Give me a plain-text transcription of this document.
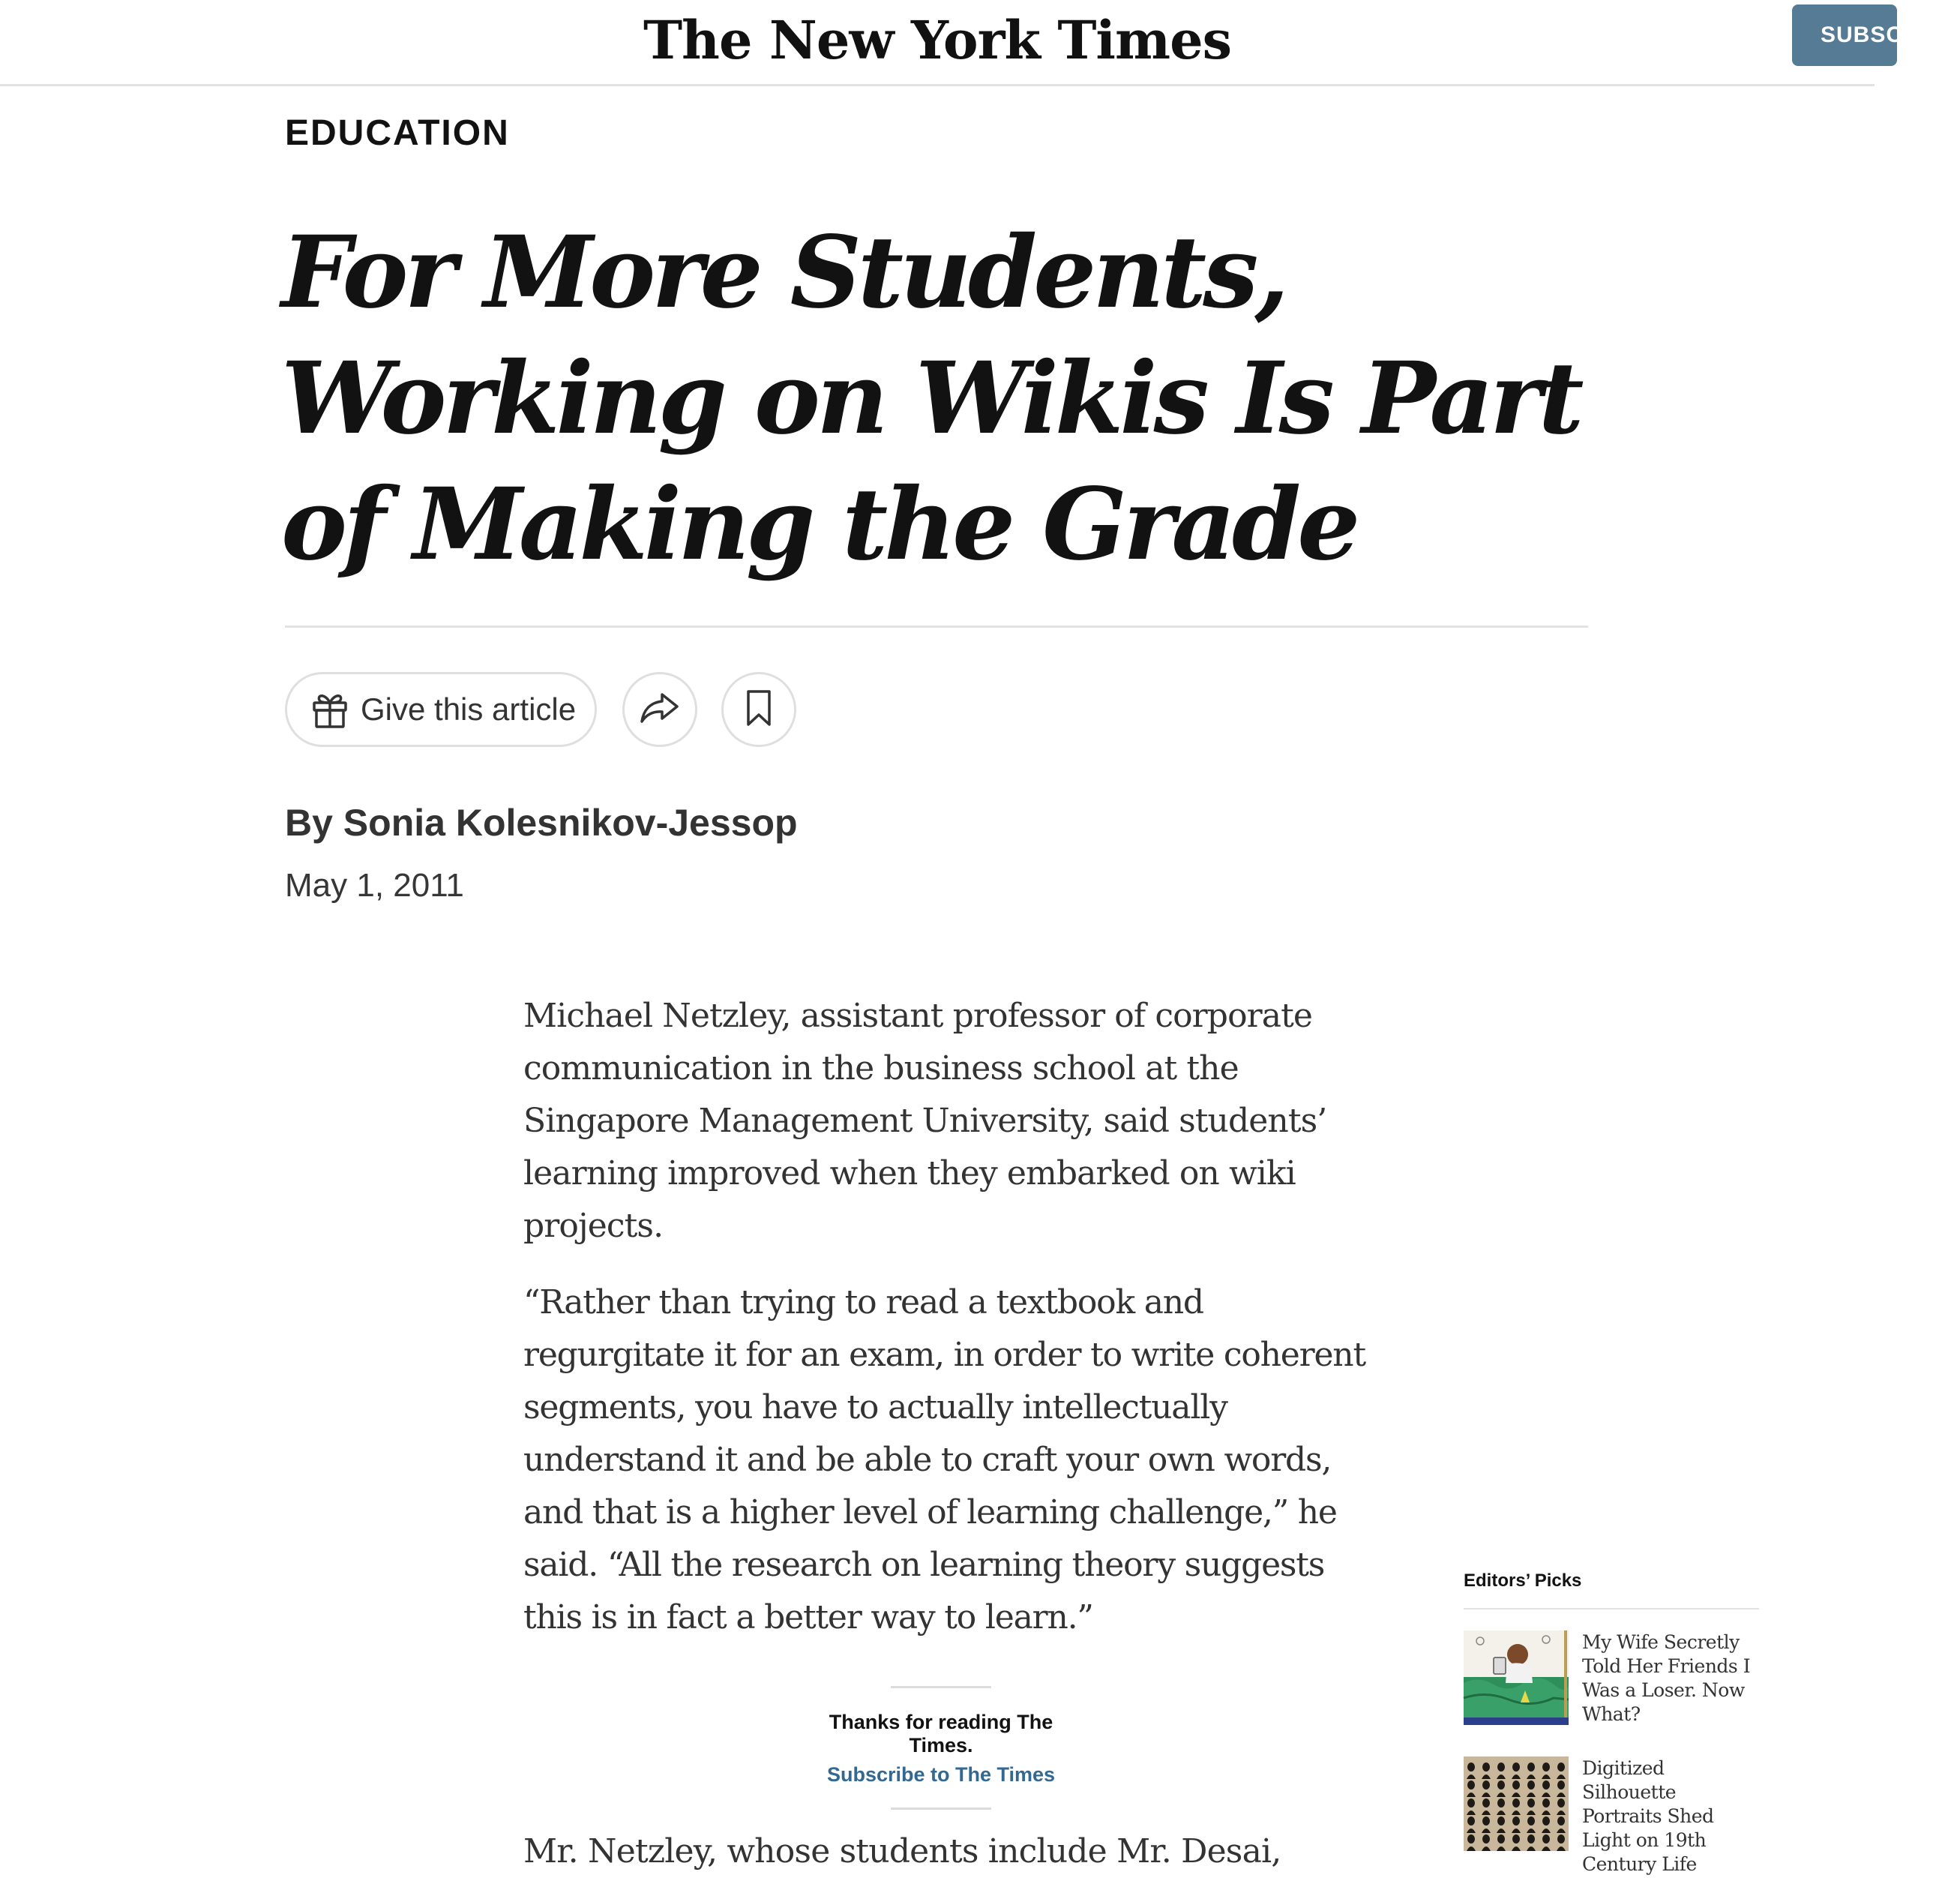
The New York Times	SUBSCRIBE
EDUCATION
For More Students, Working on Wikis Is Part of Making the Grade
Give this article
By Sonia Kolesnikov-Jessop
May 1, 2011

Michael Netzley, assistant professor of corporate communication in the business school at the Singapore Management University, said students’ learning improved when they embarked on wiki projects.

“Rather than trying to read a textbook and regurgitate it for an exam, in order to write coherent segments, you have to actually intellectually understand it and be able to craft your own words, and that is a higher level of learning challenge,” he said. “All the research on learning theory suggests this is in fact a better way to learn.”

Thanks for reading The Times.
Subscribe to The Times
Mr. Netzley, whose students include Mr. Desai,
Editors’ Picks
My Wife Secretly Told Her Friends I Was a Loser. Now What?
Digitized Silhouette Portraits Shed Light on 19th Century Life
